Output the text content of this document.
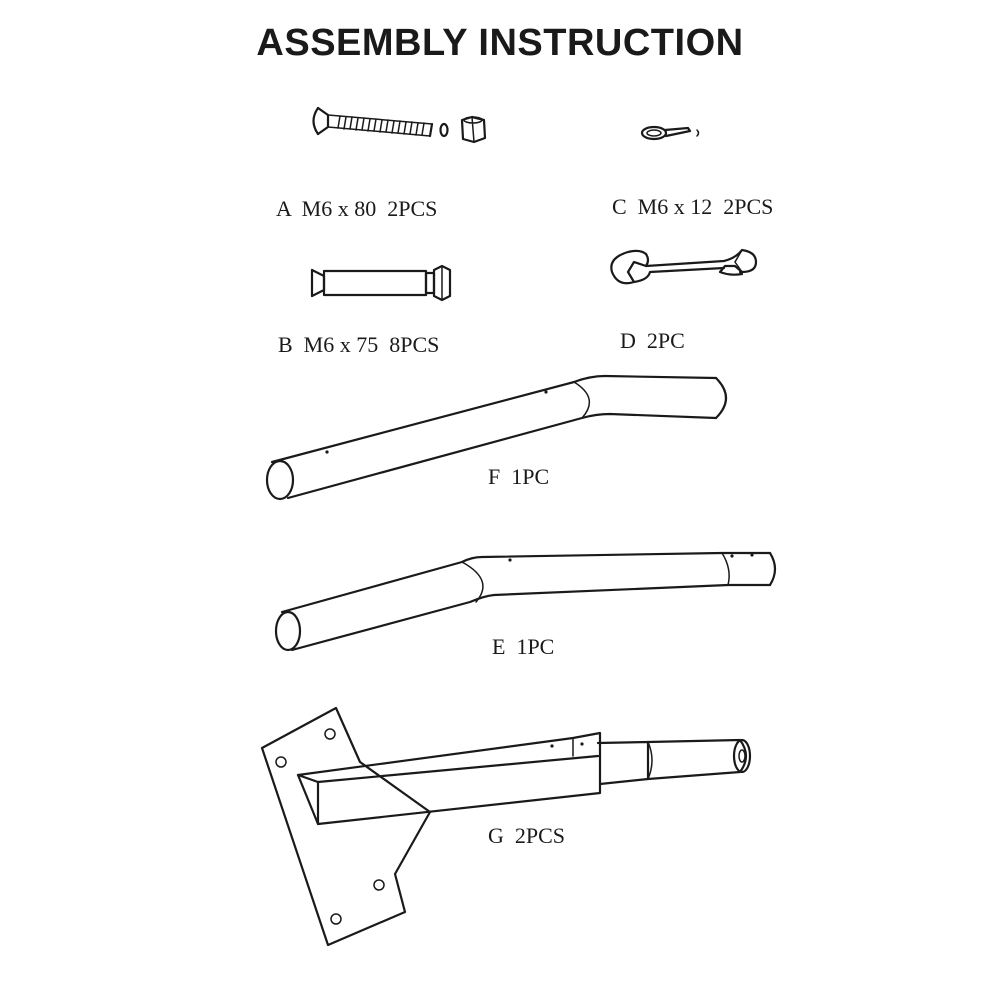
ASSEMBLY INSTRUCTION
A  M6 x 80  2PCS	C  M6 x 12  2PCS
B  M6 x 75  8PCS	D  2PC
F  1PC
E  1PC
G  2PCS
